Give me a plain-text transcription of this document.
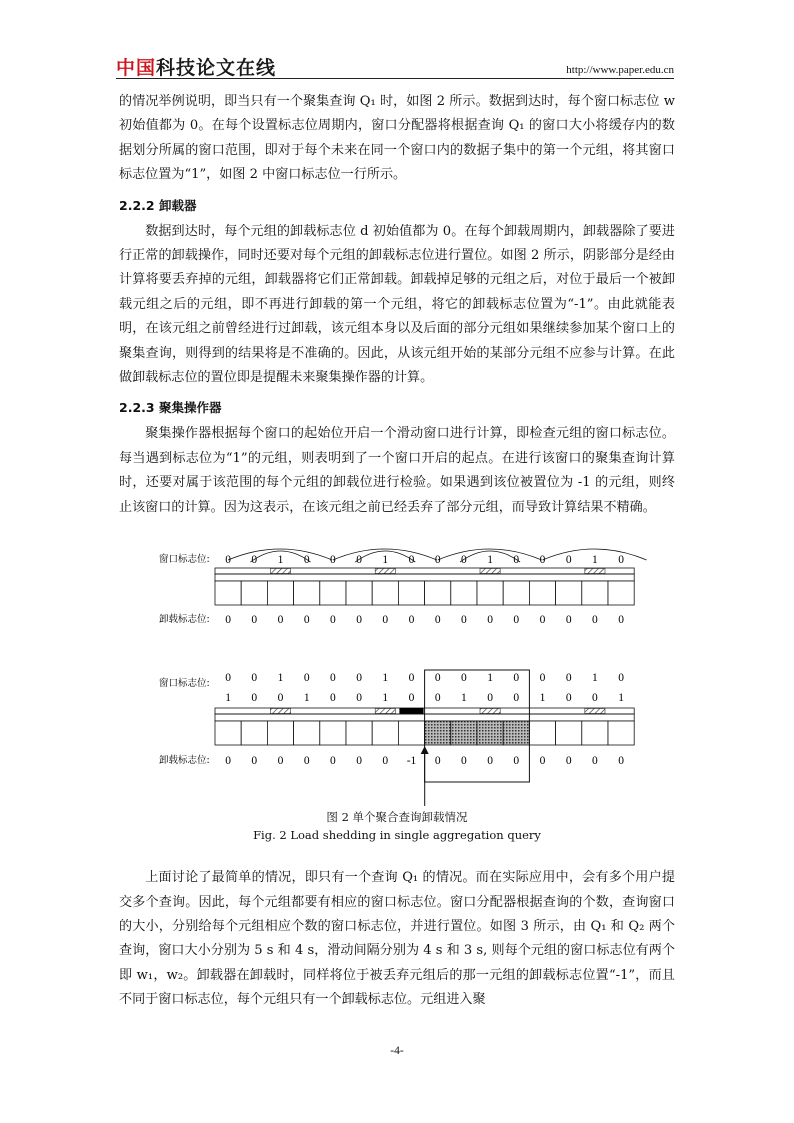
中国科技论文在线	http://www.paper.edu.cn

的情况举例说明，即当只有一个聚集查询 Q₁ 时，如图 2 所示。数据到达时，每个窗口标志位 w 初始值都为 0。在每个设置标志位周期内，窗口分配器将根据查询 Q₁ 的窗口大小将缓存内的数据划分所属的窗口范围，即对于每个未来在同一个窗口内的数据子集中的第一个元组，将其窗口标志位置为“1”，如图 2 中窗口标志位一行所示。

2.2.2 卸载器

数据到达时，每个元组的卸载标志位 d 初始值都为 0。在每个卸载周期内，卸载器除了要进行正常的卸载操作，同时还要对每个元组的卸载标志位进行置位。如图 2 所示，阴影部分是经由计算将要丢弃掉的元组，卸载器将它们正常卸载。卸载掉足够的元组之后，对位于最后一个被卸载元组之后的元组，即不再进行卸载的第一个元组，将它的卸载标志位置为“-1”。由此就能表明，在该元组之前曾经进行过卸载，该元组本身以及后面的部分元组如果继续参加某个窗口上的聚集查询，则得到的结果将是不准确的。因此，从该元组开始的某部分元组不应参与计算。在此做卸载标志位的置位即是提醒未来聚集操作器的计算。

2.2.3 聚集操作器

聚集操作器根据每个窗口的起始位开启一个滑动窗口进行计算，即检查元组的窗口标志位。每当遇到标志位为“1”的元组，则表明到了一个窗口开启的起点。在进行该窗口的聚集查询计算时，还要对属于该范围的每个元组的卸载位进行检验。如果遇到该位被置位为 -1 的元组，则终止该窗口的计算。因为这表示，在该元组之前已经丢弃了部分元组，而导致计算结果不精确。

窗口标志位: 0 0 1 0 0 0 1 0 0 0 1 0 0 0 1 0
卸载标志位: 0 0 0 0 0 0 0 0 0 0 0 0 0 0 0 0
窗口标志位: 0 0 1 0 0 0 1 0 0 0 1 0 0 0 1 0
1 0 0 1 0 0 1 0 0 1 0 0 1 0 0 1
卸载标志位: 0 0 0 0 0 0 0 -1 0 0 0 0 0 0 0 0
图 2 单个聚合查询卸载情况
Fig. 2 Load shedding in single aggregation query

上面讨论了最简单的情况，即只有一个查询 Q₁ 的情况。而在实际应用中，会有多个用户提交多个查询。因此，每个元组都要有相应的窗口标志位。窗口分配器根据查询的个数，查询窗口的大小，分别给每个元组相应个数的窗口标志位，并进行置位。如图 3 所示，由 Q₁ 和 Q₂ 两个查询，窗口大小分别为 5 s 和 4 s，滑动间隔分别为 4 s 和 3 s, 则每个元组的窗口标志位有两个即 w₁，w₂。卸载器在卸载时，同样将位于被丢弃元组后的那一元组的卸载标志位置“-1”，而且不同于窗口标志位，每个元组只有一个卸载标志位。元组进入聚

-4-
